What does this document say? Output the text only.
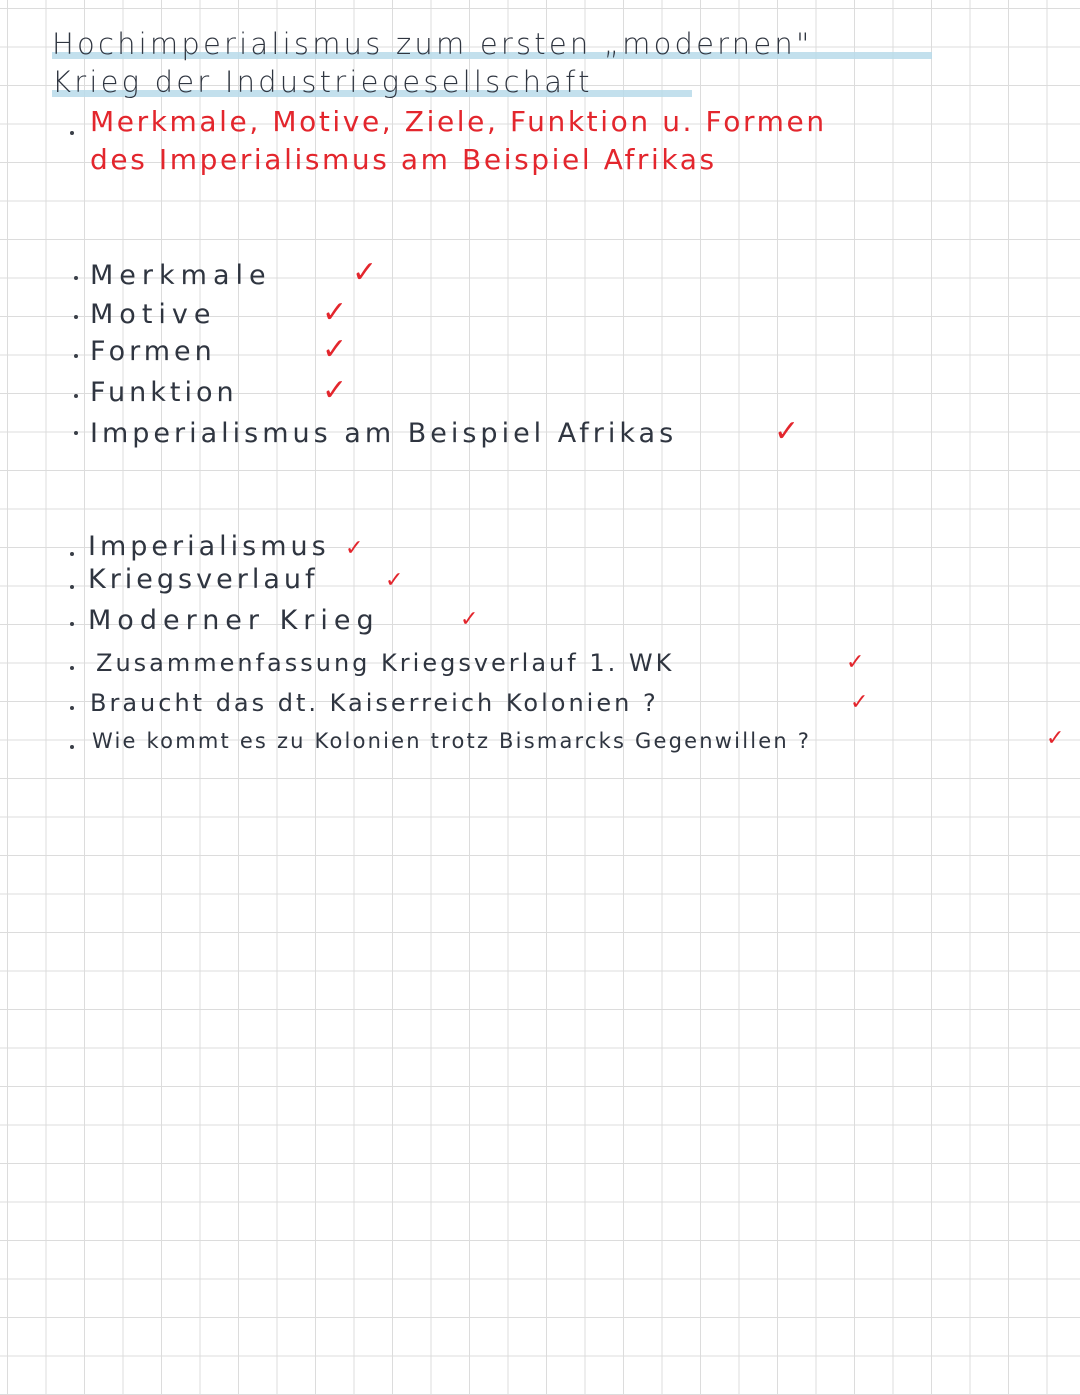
Hochimperialismus zum ersten „modernen"
Krieg der Industriegesellschaft
Merkmale, Motive, Ziele, Funktion u. Formen
des Imperialismus am Beispiel Afrikas
Merkmale	✓
Motive	✓
Formen	✓
Funktion	✓
Imperialismus am Beispiel Afrikas	✓
Imperialismus ✓
Kriegsverlauf	✓
Moderner Krieg	✓
Zusammenfassung Kriegsverlauf 1. WK	✓
Braucht das dt. Kaiserreich Kolonien ?	✓
Wie kommt es zu Kolonien trotz Bismarcks Gegenwillen ?	✓
